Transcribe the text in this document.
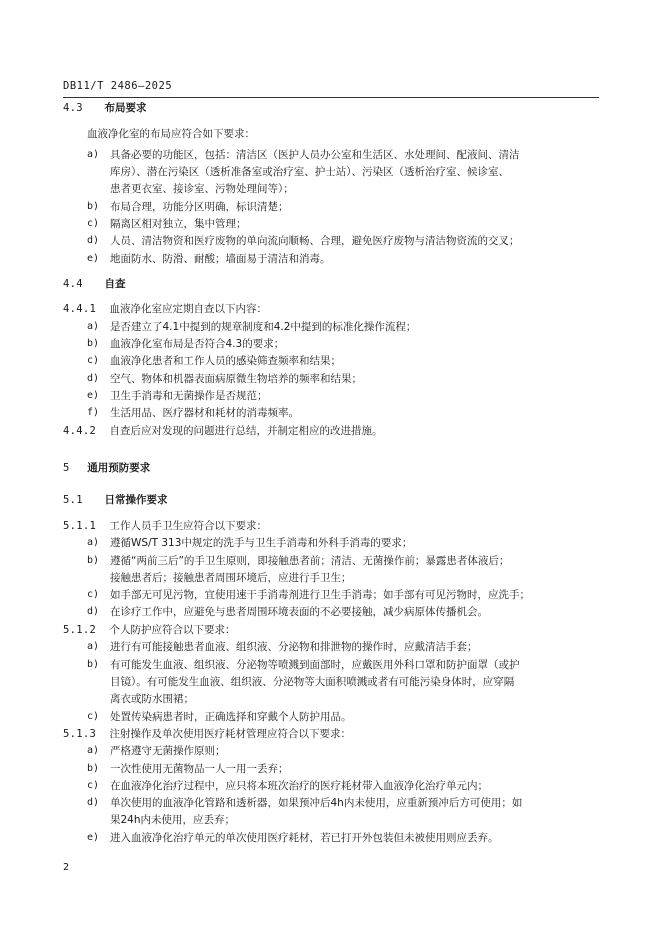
DB11/T 2486—2025
4.3 布局要求
血液净化室的布局应符合如下要求：
a) 具备必要的功能区，包括：清洁区（医护人员办公室和生活区、水处理间、配液间、清洁
库房）、潜在污染区（透析准备室或治疗室、护士站）、污染区（透析治疗室、候诊室、
患者更衣室、接诊室、污物处理间等）；
b) 布局合理，功能分区明确，标识清楚；
c) 隔离区相对独立，集中管理；
d) 人员、清洁物资和医疗废物的单向流向顺畅、合理，避免医疗废物与清洁物资流的交叉；
e) 地面防水、防滑、耐酸；墙面易于清洁和消毒。
4.4 自查
4.4.1 血液净化室应定期自查以下内容：
a) 是否建立了4.1中提到的规章制度和4.2中提到的标准化操作流程；
b) 血液净化室布局是否符合4.3的要求；
c) 血液净化患者和工作人员的感染筛查频率和结果；
d) 空气、物体和机器表面病原微生物培养的频率和结果；
e) 卫生手消毒和无菌操作是否规范；
f) 生活用品、医疗器材和耗材的消毒频率。
4.4.2 自查后应对发现的问题进行总结，并制定相应的改进措施。
5 通用预防要求
5.1 日常操作要求
5.1.1 工作人员手卫生应符合以下要求：
a) 遵循WS/T 313中规定的洗手与卫生手消毒和外科手消毒的要求；
b) 遵循“两前三后”的手卫生原则，即接触患者前；清洁、无菌操作前；暴露患者体液后；
接触患者后；接触患者周围环境后，应进行手卫生；
c) 如手部无可见污物，宜使用速干手消毒剂进行卫生手消毒；如手部有可见污物时，应洗手；
d) 在诊疗工作中，应避免与患者周围环境表面的不必要接触，减少病原体传播机会。
5.1.2 个人防护应符合以下要求：
a) 进行有可能接触患者血液、组织液、分泌物和排泄物的操作时，应戴清洁手套；
b) 有可能发生血液、组织液、分泌物等喷溅到面部时，应戴医用外科口罩和防护面罩（或护
目镜）。有可能发生血液、组织液、分泌物等大面积喷溅或者有可能污染身体时，应穿隔
离衣或防水围裙；
c) 处置传染病患者时，正确选择和穿戴个人防护用品。
5.1.3 注射操作及单次使用医疗耗材管理应符合以下要求：
a) 严格遵守无菌操作原则；
b) 一次性使用无菌物品一人一用一丢弃；
c) 在血液净化治疗过程中，应只将本班次治疗的医疗耗材带入血液净化治疗单元内；
d) 单次使用的血液净化管路和透析器，如果预冲后4h内未使用，应重新预冲后方可使用；如
果24h内未使用，应丢弃；
e) 进入血液净化治疗单元的单次使用医疗耗材，若已打开外包装但未被使用则应丢弃。
2
